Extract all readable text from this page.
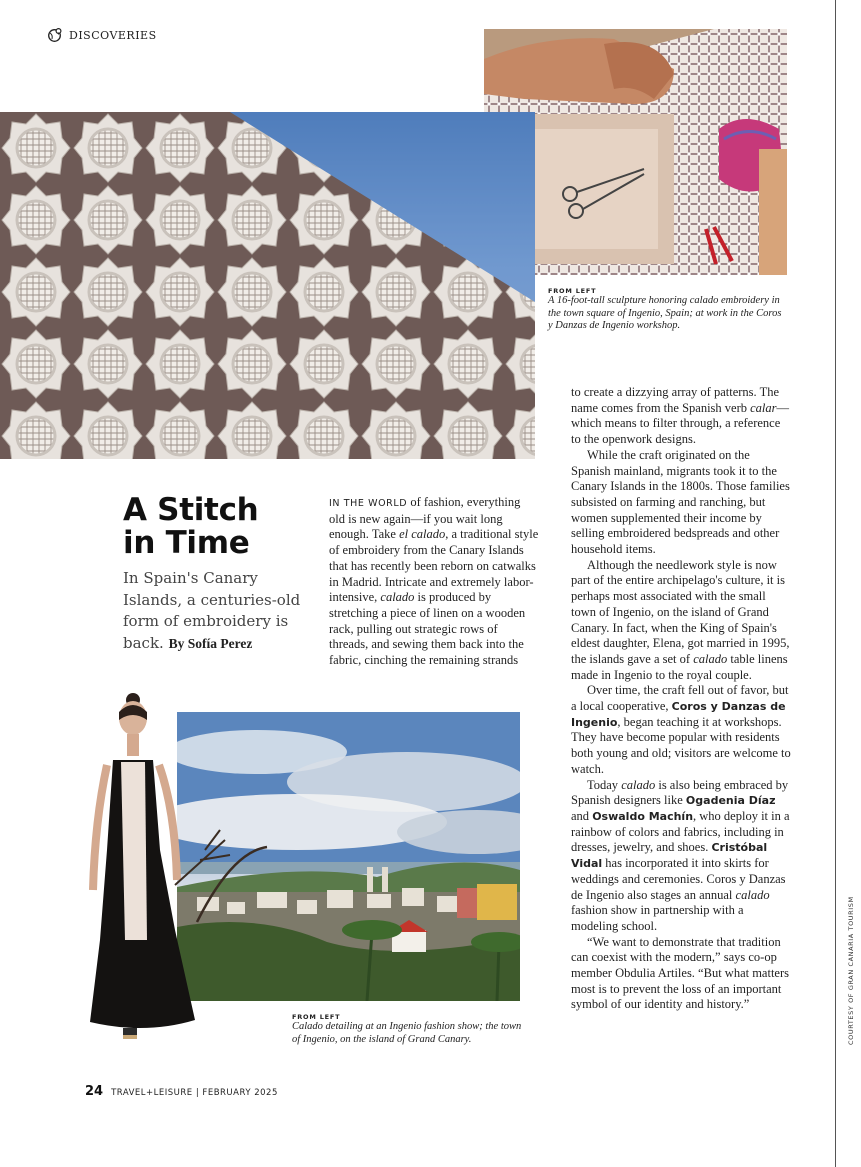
DISCOVERIES
FROM LEFT
A 16-foot-tall sculpture honoring calado embroidery in the town square of Ingenio, Spain; at work in the Coros y Danzas de Ingenio workshop.
A Stitch
in Time
In Spain's Canary Islands, a centuries-old form of embroidery is back. By Sofía Perez

IN THE WORLD of fashion, everything old is new again—if you wait long enough. Take el calado, a traditional style of embroidery from the Canary Islands that has recently been reborn on catwalks in Madrid. Intricate and extremely labor-intensive, calado is produced by stretching a piece of linen on a wooden rack, pulling out strategic rows of threads, and sewing them back into the fabric, cinching the remaining strands

to create a dizzying array of patterns. The name comes from the Spanish verb calar—which means to filter through, a reference to the openwork designs.

While the craft originated on the Spanish mainland, migrants took it to the Canary Islands in the 1800s. Those families subsisted on farming and ranching, but women supplemented their income by selling embroidered bedspreads and other household items.

Although the needlework style is now part of the entire archipelago's culture, it is perhaps most associated with the small town of Ingenio, on the island of Grand Canary. In fact, when the King of Spain's eldest daughter, Elena, got married in 1995, the islands gave a set of calado table linens made in Ingenio to the royal couple.

Over time, the craft fell out of favor, but a local cooperative, Coros y Danzas de Ingenio, began teaching it at workshops. They have become popular with residents both young and old; visitors are welcome to watch.

Today calado is also being embraced by Spanish designers like Ogadenia Díaz and Oswaldo Machín, who deploy it in a rainbow of colors and fabrics, including in dresses, jewelry, and shoes. Cristóbal Vidal has incorporated it into skirts for weddings and ceremonies. Coros y Danzas de Ingenio also stages an annual calado fashion show in partnership with a modeling school.

“We want to demonstrate that tradition can coexist with the modern,” says co-op member Obdulia Artiles. “But what matters most is to prevent the loss of an important symbol of our identity and history.”

FROM LEFT
Calado detailing at an Ingenio fashion show; the town of Ingenio, on the island of Grand Canary.	COURTESY OF GRAN CANARIA TOURISM
24 TRAVEL+LEISURE | FEBRUARY 2025
